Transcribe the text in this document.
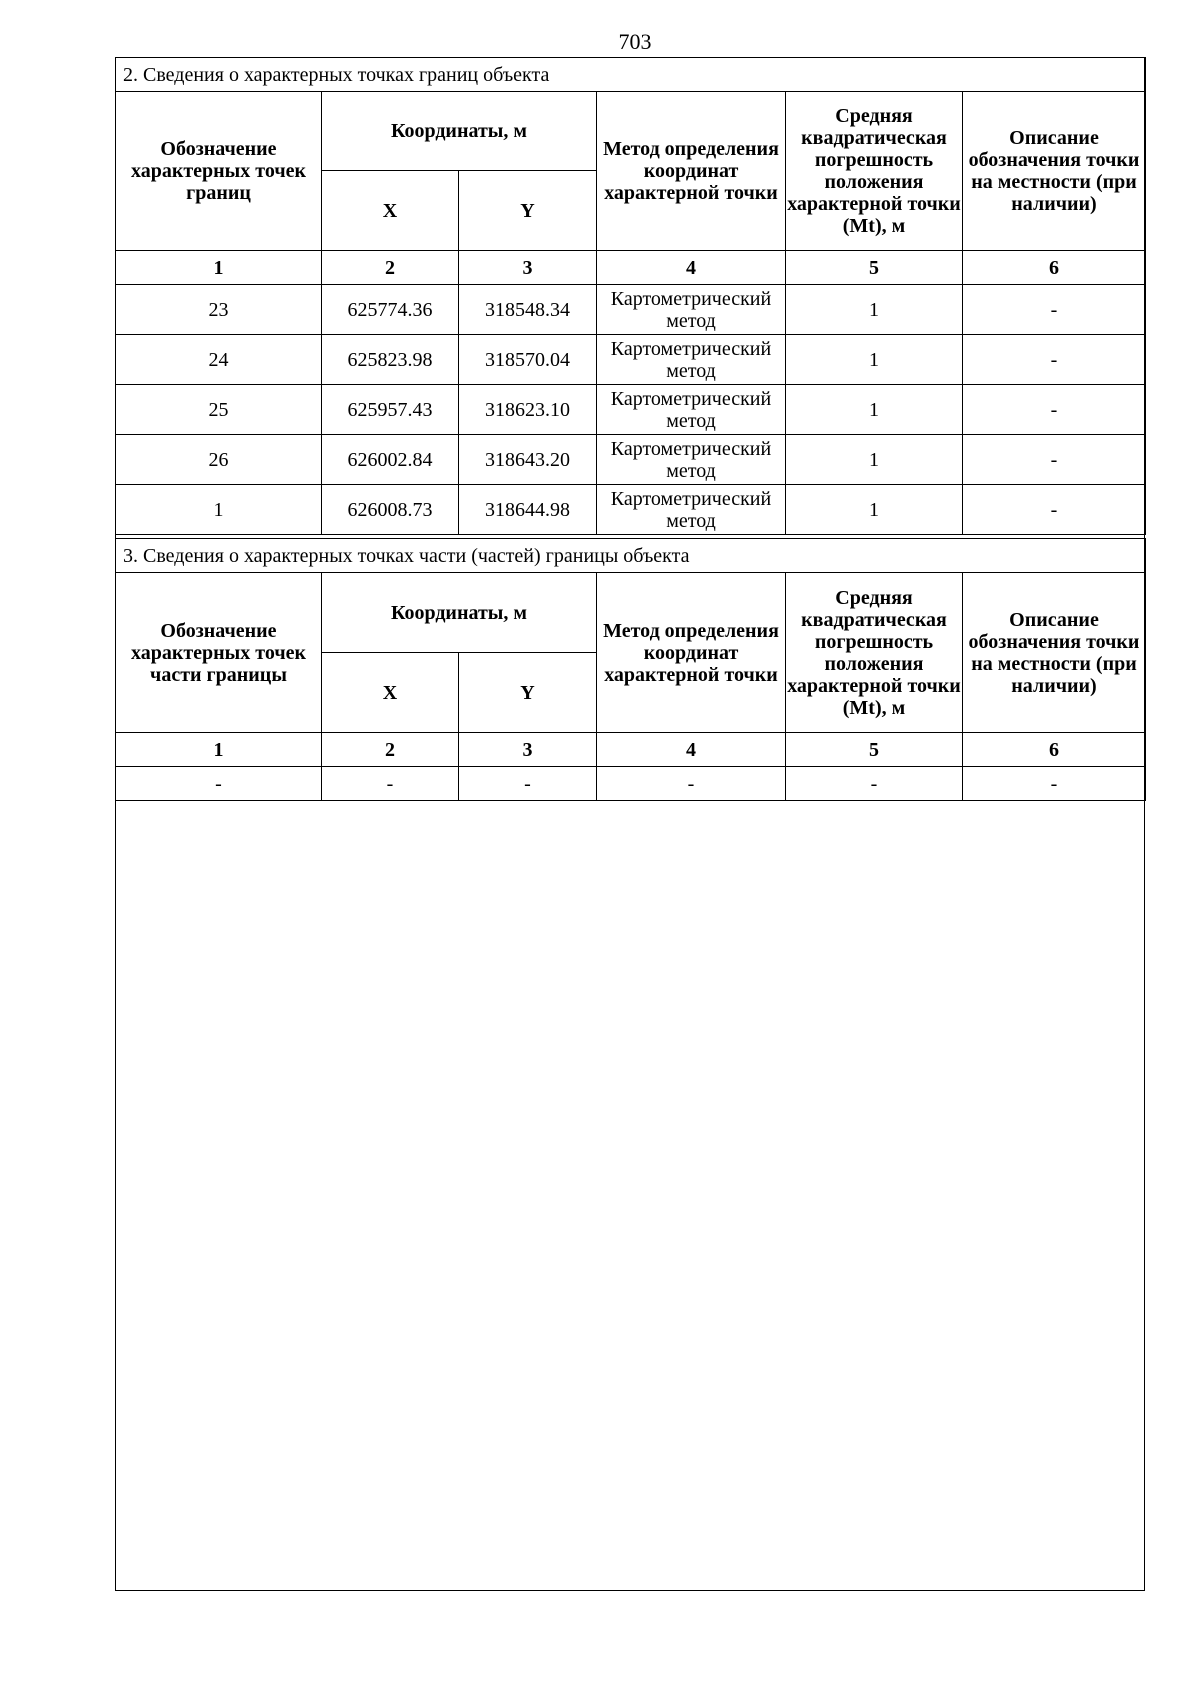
703
2. Сведения о характерных точках границ объекта					
Обозначение характерных точек границ	Координаты, м		Метод определения координат характерной точки	Средняя квадратическая погрешность положения характерной точки (Mt), м	Описание обозначения точки на местности (при наличии)
	X	Y			
1	2	3	4	5	6
23	625774.36	318548.34	Картометрический метод	1	-
24	625823.98	318570.04	Картометрический метод	1	-
25	625957.43	318623.10	Картометрический метод	1	-
26	626002.84	318643.20	Картометрический метод	1	-
1	626008.73	318644.98	Картометрический метод	1	-
3. Сведения о характерных точках части (частей) границы объекта					
Обозначение характерных точек части границы	Координаты, м		Метод определения координат характерной точки	Средняя квадратическая погрешность положения характерной точки (Mt), м	Описание обозначения точки на местности (при наличии)
	X	Y			
1	2	3	4	5	6
-	-	-	-	-	-
